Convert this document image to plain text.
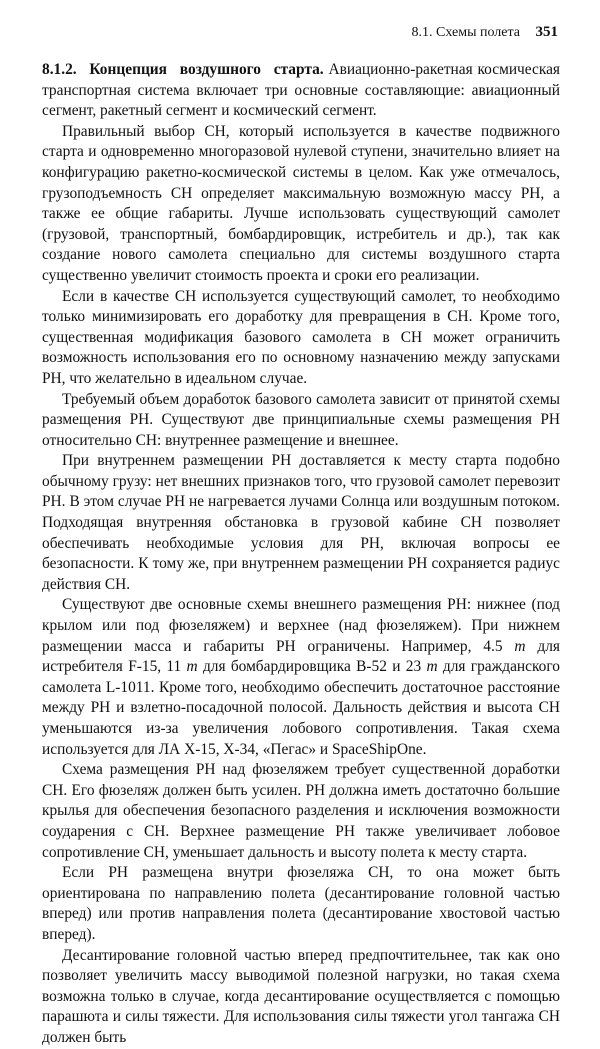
8.1. Схемы полета 351

8.1.2. Концепция воздушного старта. Авиационно-ракетная космическая транспортная система включает три основные составляющие: авиационный сегмент, ракетный сегмент и космический сегмент.

Правильный выбор СН, который используется в качестве подвижного старта и одновременно многоразовой нулевой ступени, значительно влияет на конфигурацию ракетно-космической системы в целом. Как уже отмечалось, грузоподъемность СН определяет максимальную возможную массу РН, а также ее общие габариты. Лучше использовать существующий самолет (грузовой, транспортный, бомбардировщик, истребитель и др.), так как создание нового самолета специально для системы воздушного старта существенно увеличит стоимость проекта и сроки его реализации.

Если в качестве СН используется существующий самолет, то необходимо только минимизировать его доработку для превращения в СН. Кроме того, существенная модификация базового самолета в СН может ограничить возможность использования его по основному назначению между запусками РН, что желательно в идеальном случае.

Требуемый объем доработок базового самолета зависит от принятой схемы размещения РН. Существуют две принципиальные схемы размещения РН относительно СН: внутреннее размещение и внешнее.

При внутреннем размещении РН доставляется к месту старта подобно обычному грузу: нет внешних признаков того, что грузовой самолет перевозит РН. В этом случае РН не нагревается лучами Солнца или воздушным потоком. Подходящая внутренняя обстановка в грузовой кабине СН позволяет обеспечивать необходимые условия для РН, включая вопросы ее безопасности. К тому же, при внутреннем размещении РН сохраняется радиус действия СН.

Существуют две основные схемы внешнего размещения РН: нижнее (под крылом или под фюзеляжем) и верхнее (над фюзеляжем). При нижнем размещении масса и габариты РН ограничены. Например, 4.5 т для истребителя F-15, 11 т для бомбардировщика B-52 и 23 т для гражданского самолета L-1011. Кроме того, необходимо обеспечить достаточное расстояние между РН и взлетно-посадочной полосой. Дальность действия и высота СН уменьшаются из-за увеличения лобового сопротивления. Такая схема используется для ЛА X-15, X-34, «Пегас» и SpaceShipOne.

Схема размещения РН над фюзеляжем требует существенной доработки СН. Его фюзеляж должен быть усилен. РН должна иметь достаточно большие крылья для обеспечения безопасного разделения и исключения возможности соударения с СН. Верхнее размещение РН также увеличивает лобовое сопротивление СН, уменьшает дальность и высоту полета к месту старта.

Если РН размещена внутри фюзеляжа СН, то она может быть ориентирована по направлению полета (десантирование головной частью вперед) или против направления полета (десантирование хвостовой частью вперед).

Десантирование головной частью вперед предпочтительнее, так как оно позволяет увеличить массу выводимой полезной нагрузки, но такая схема возможна только в случае, когда десантирование осуществляется с помощью парашюта и силы тяжести. Для использования силы тяжести угол тангажа СН должен быть
